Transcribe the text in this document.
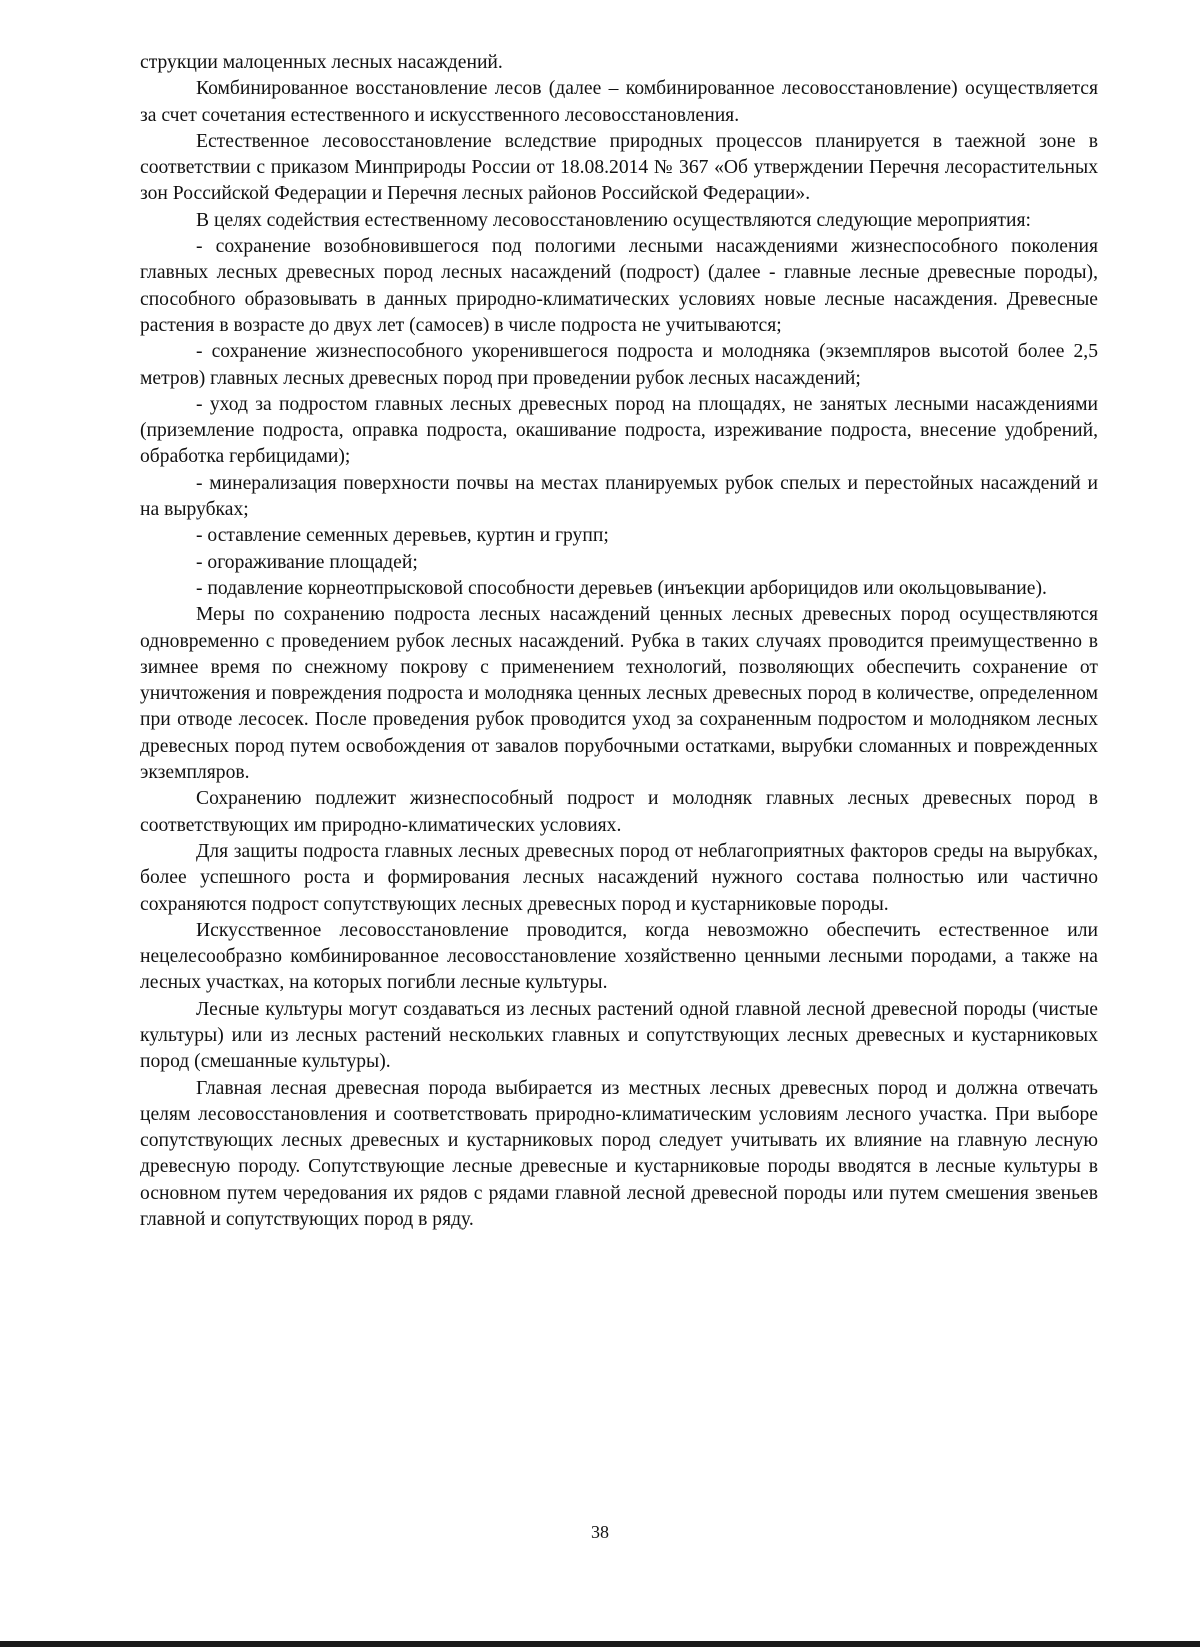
струкции малоценных лесных насаждений.

Комбинированное восстановление лесов (далее – комбинированное лесовосстановление) осуществляется за счет сочетания естественного и искусственного лесовосстановления.

Естественное лесовосстановление вследствие природных процессов планируется в таежной зоне в соответствии с приказом Минприроды России от 18.08.2014 № 367 «Об утверждении Перечня лесорастительных зон Российской Федерации и Перечня лесных районов Российской Федерации».

В целях содействия естественному лесовосстановлению осуществляются следующие мероприятия:

- сохранение возобновившегося под пологими лесными насаждениями жизнеспособного поколения главных лесных древесных пород лесных насаждений (подрост) (далее - главные лесные древесные породы), способного образовывать в данных природно-климатических условиях новые лесные насаждения. Древесные растения в возрасте до двух лет (самосев) в числе подроста не учитываются;

- сохранение жизнеспособного укоренившегося подроста и молодняка (экземпляров высотой более 2,5 метров) главных лесных древесных пород при проведении рубок лесных насаждений;

- уход за подростом главных лесных древесных пород на площадях, не занятых лесными насаждениями (приземление подроста, оправка подроста, окашивание подроста, изреживание подроста, внесение удобрений, обработка гербицидами);

- минерализация поверхности почвы на местах планируемых рубок спелых и перестойных насаждений и на вырубках;

- оставление семенных деревьев, куртин и групп;

- огораживание площадей;

- подавление корнеотпрысковой способности деревьев (инъекции арборицидов или окольцовывание).

Меры по сохранению подроста лесных насаждений ценных лесных древесных пород осуществляются одновременно с проведением рубок лесных насаждений. Рубка в таких случаях проводится преимущественно в зимнее время по снежному покрову с применением технологий, позволяющих обеспечить сохранение от уничтожения и повреждения подроста и молодняка ценных лесных древесных пород в количестве, определенном при отводе лесосек. После проведения рубок проводится уход за сохраненным подростом и молодняком лесных древесных пород путем освобождения от завалов порубочными остатками, вырубки сломанных и поврежденных экземпляров.

Сохранению подлежит жизнеспособный подрост и молодняк главных лесных древесных пород в соответствующих им природно-климатических условиях.

Для защиты подроста главных лесных древесных пород от неблагоприятных факторов среды на вырубках, более успешного роста и формирования лесных насаждений нужного состава полностью или частично сохраняются подрост сопутствующих лесных древесных пород и кустарниковые породы.

Искусственное лесовосстановление проводится, когда невозможно обеспечить естественное или нецелесообразно комбинированное лесовосстановление хозяйственно ценными лесными породами, а также на лесных участках, на которых погибли лесные культуры.

Лесные культуры могут создаваться из лесных растений одной главной лесной древесной породы (чистые культуры) или из лесных растений нескольких главных и сопутствующих лесных древесных и кустарниковых пород (смешанные культуры).

Главная лесная древесная порода выбирается из местных лесных древесных пород и должна отвечать целям лесовосстановления и соответствовать природно-климатическим условиям лесного участка. При выборе сопутствующих лесных древесных и кустарниковых пород следует учитывать их влияние на главную лесную древесную породу. Сопутствующие лесные древесные и кустарниковые породы вводятся в лесные культуры в основном путем чередования их рядов с рядами главной лесной древесной породы или путем смешения звеньев главной и сопутствующих пород в ряду.

38
